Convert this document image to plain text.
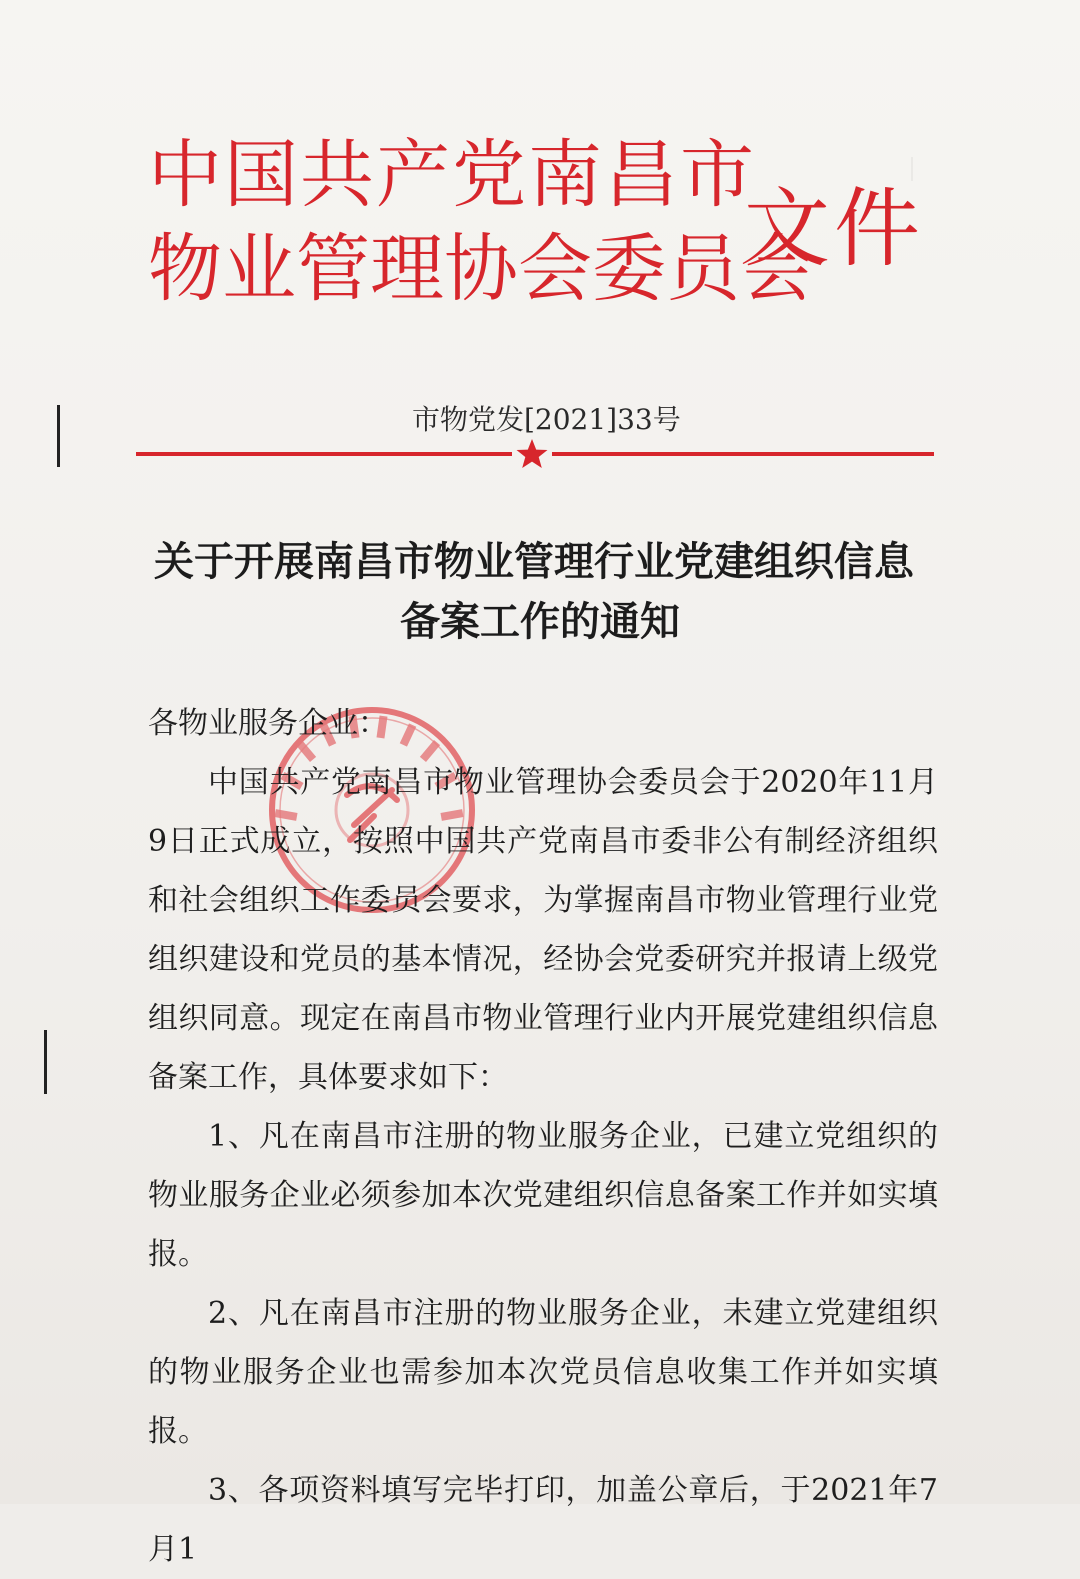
｜
中国共产党南昌市
物业管理协会委员会
文件
市物党发[2021]33号
关于开展南昌市物业管理行业党建组织信息
备案工作的通知

各物业服务企业：

中国共产党南昌市物业管理协会委员会于2020年11月9日正式成立，按照中国共产党南昌市委非公有制经济组织和社会组织工作委员会要求，为掌握南昌市物业管理行业党组织建设和党员的基本情况，经协会党委研究并报请上级党组织同意。现定在南昌市物业管理行业内开展党建组织信息备案工作，具体要求如下：

1、凡在南昌市注册的物业服务企业，已建立党组织的物业服务企业必须参加本次党建组织信息备案工作并如实填报。

2、凡在南昌市注册的物业服务企业，未建立党建组织的物业服务企业也需参加本次党员信息收集工作并如实填报。

3、各项资料填写完毕打印，加盖公章后，于2021年7月1
